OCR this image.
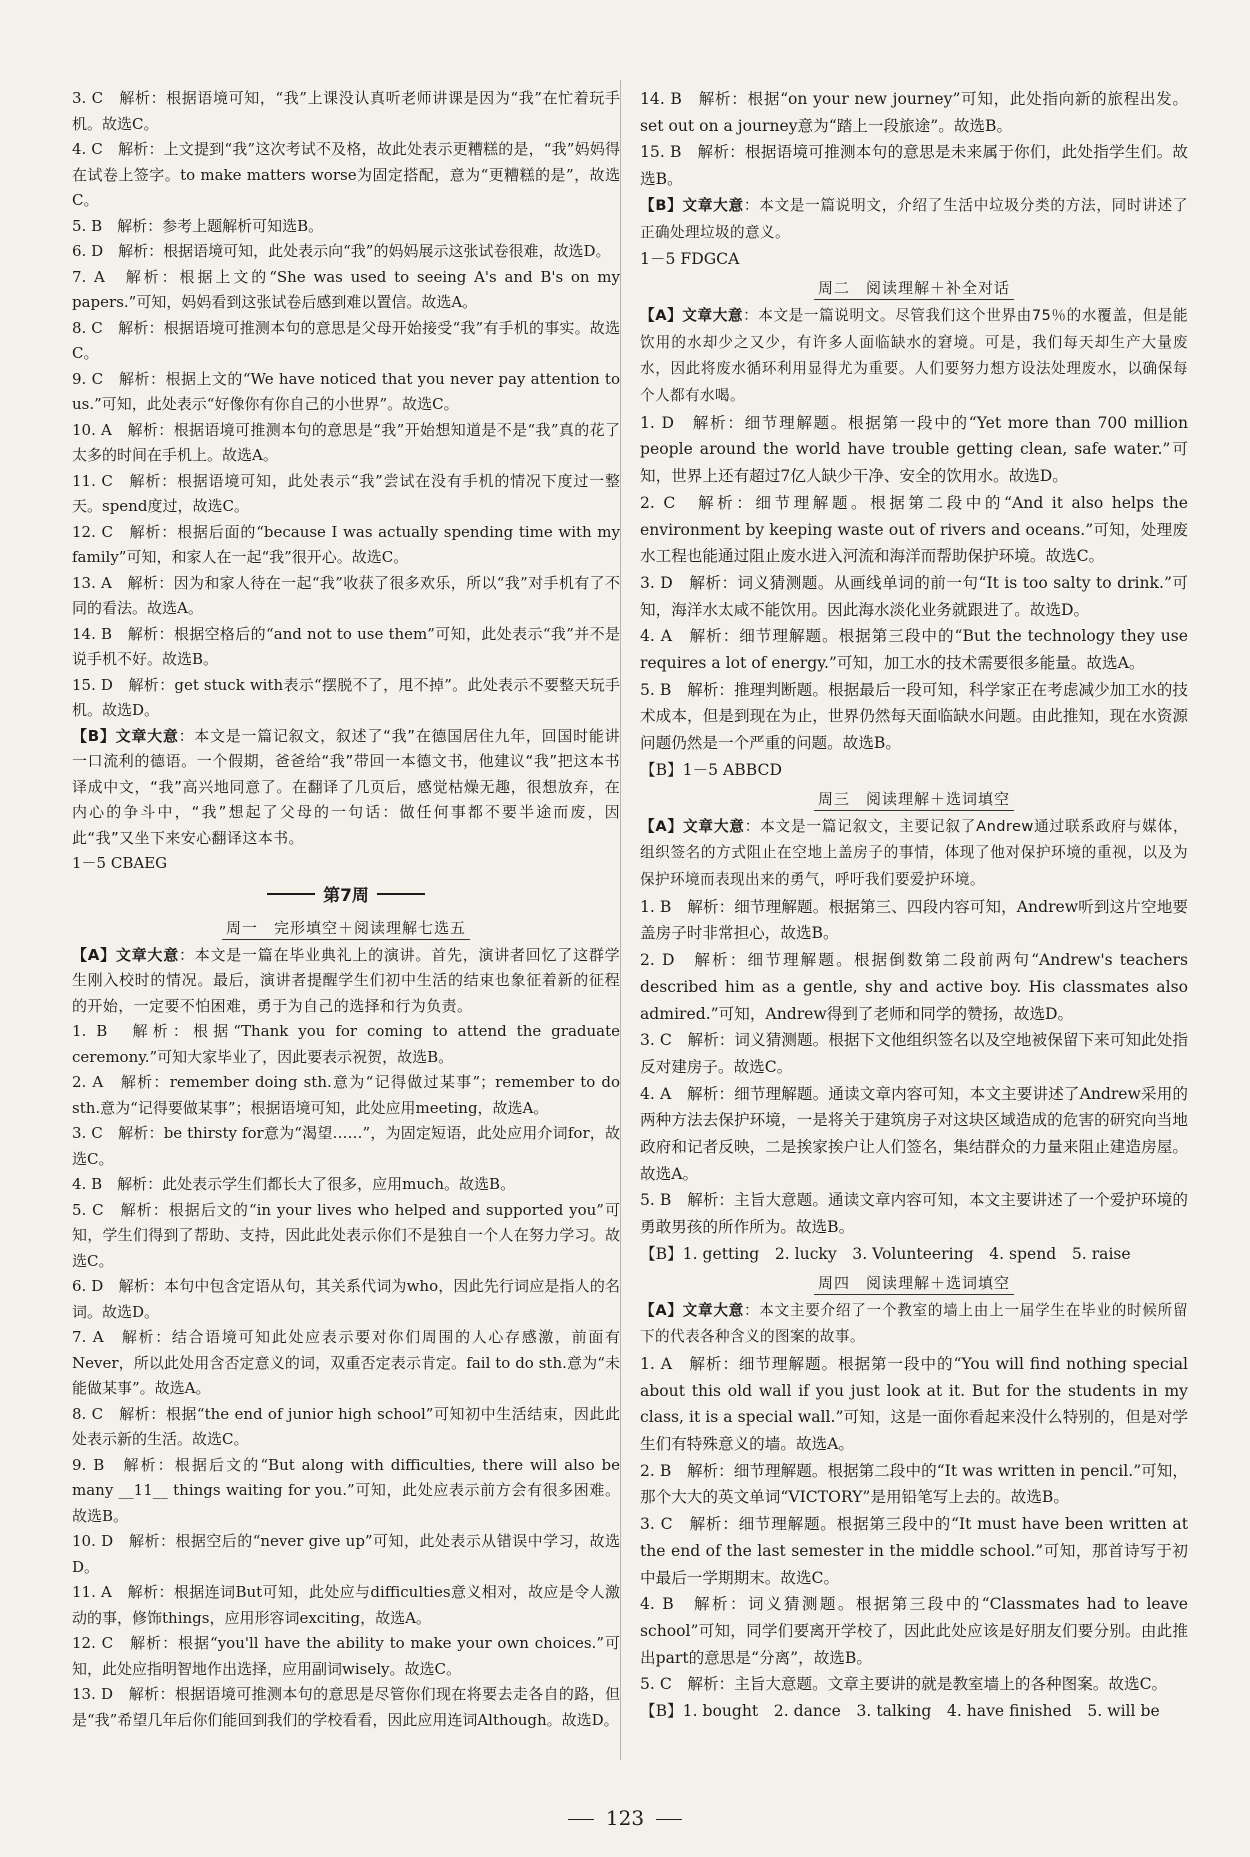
3. C　解析：根据语境可知，“我”上课没认真听老师讲课是因为“我”在忙着玩手机。故选C。

4. C　解析：上文提到“我”这次考试不及格，故此处表示更糟糕的是，“我”妈妈得在试卷上签字。to make matters worse为固定搭配，意为“更糟糕的是”，故选C。

5. B　解析：参考上题解析可知选B。

6. D　解析：根据语境可知，此处表示向“我”的妈妈展示这张试卷很难，故选D。

7. A　解析：根据上文的“She was used to seeing A's and B's on my papers.”可知，妈妈看到这张试卷后感到难以置信。故选A。

8. C　解析：根据语境可推测本句的意思是父母开始接受“我”有手机的事实。故选C。

9. C　解析：根据上文的“We have noticed that you never pay attention to us.”可知，此处表示“好像你有你自己的小世界”。故选C。

10. A　解析：根据语境可推测本句的意思是“我”开始想知道是不是“我”真的花了太多的时间在手机上。故选A。

11. C　解析：根据语境可知，此处表示“我”尝试在没有手机的情况下度过一整天。spend度过，故选C。

12. C　解析：根据后面的“because I was actually spending time with my family”可知，和家人在一起“我”很开心。故选C。

13. A　解析：因为和家人待在一起“我”收获了很多欢乐，所以“我”对手机有了不同的看法。故选A。

14. B　解析：根据空格后的“and not to use them”可知，此处表示“我”并不是说手机不好。故选B。

15. D　解析：get stuck with表示“摆脱不了，甩不掉”。此处表示不要整天玩手机。故选D。

【B】文章大意：本文是一篇记叙文，叙述了“我”在德国居住九年，回国时能讲一口流利的德语。一个假期，爸爸给“我”带回一本德文书，他建议“我”把这本书译成中文，“我”高兴地同意了。在翻译了几页后，感觉枯燥无趣，很想放弃，在内心的争斗中，“我”想起了父母的一句话：做任何事都不要半途而废，因此“我”又坐下来安心翻译这本书。

1－5 CBAEG

第7周
周一　完形填空＋阅读理解七选五

【A】文章大意：本文是一篇在毕业典礼上的演讲。首先，演讲者回忆了这群学生刚入校时的情况。最后，演讲者提醒学生们初中生活的结束也象征着新的征程的开始，一定要不怕困难，勇于为自己的选择和行为负责。

1. B　解析：根据“Thank you for coming to attend the graduate ceremony.”可知大家毕业了，因此要表示祝贺，故选B。

2. A　解析：remember doing sth.意为“记得做过某事”；remember to do sth.意为“记得要做某事”；根据语境可知，此处应用meeting，故选A。

3. C　解析：be thirsty for意为“渴望……”，为固定短语，此处应用介词for，故选C。

4. B　解析：此处表示学生们都长大了很多，应用much。故选B。

5. C　解析：根据后文的“in your lives who helped and supported you”可知，学生们得到了帮助、支持，因此此处表示你们不是独自一个人在努力学习。故选C。

6. D　解析：本句中包含定语从句，其关系代词为who，因此先行词应是指人的名词。故选D。

7. A　解析：结合语境可知此处应表示要对你们周围的人心存感激，前面有Never，所以此处用含否定意义的词，双重否定表示肯定。fail to do sth.意为“未能做某事”。故选A。

8. C　解析：根据“the end of junior high school”可知初中生活结束，因此此处表示新的生活。故选C。

9. B　解析：根据后文的“But along with difficulties, there will also be many __11__ things waiting for you.”可知，此处应表示前方会有很多困难。故选B。

10. D　解析：根据空后的“never give up”可知，此处表示从错误中学习，故选D。

11. A　解析：根据连词But可知，此处应与difficulties意义相对，故应是令人激动的事，修饰things，应用形容词exciting，故选A。

12. C　解析：根据“you'll have the ability to make your own choices.”可知，此处应指明智地作出选择，应用副词wisely。故选C。

13. D　解析：根据语境可推测本句的意思是尽管你们现在将要去走各自的路，但是“我”希望几年后你们能回到我们的学校看看，因此应用连词Although。故选D。

14. B　解析：根据“on your new journey”可知，此处指向新的旅程出发。set out on a journey意为“踏上一段旅途”。故选B。

15. B　解析：根据语境可推测本句的意思是未来属于你们，此处指学生们。故选B。

【B】文章大意：本文是一篇说明文，介绍了生活中垃圾分类的方法，同时讲述了正确处理垃圾的意义。

1－5 FDGCA

周二　阅读理解＋补全对话

【A】文章大意：本文是一篇说明文。尽管我们这个世界由75％的水覆盖，但是能饮用的水却少之又少，有许多人面临缺水的窘境。可是，我们每天却生产大量废水，因此将废水循环利用显得尤为重要。人们要努力想方设法处理废水，以确保每个人都有水喝。

1. D　解析：细节理解题。根据第一段中的“Yet more than 700 million people around the world have trouble getting clean, safe water.”可知，世界上还有超过7亿人缺少干净、安全的饮用水。故选D。

2. C　解析：细节理解题。根据第二段中的“And it also helps the environment by keeping waste out of rivers and oceans.”可知，处理废水工程也能通过阻止废水进入河流和海洋而帮助保护环境。故选C。

3. D　解析：词义猜测题。从画线单词的前一句“It is too salty to drink.”可知，海洋水太咸不能饮用。因此海水淡化业务就跟进了。故选D。

4. A　解析：细节理解题。根据第三段中的“But the technology they use requires a lot of energy.”可知，加工水的技术需要很多能量。故选A。

5. B　解析：推理判断题。根据最后一段可知，科学家正在考虑减少加工水的技术成本，但是到现在为止，世界仍然每天面临缺水问题。由此推知，现在水资源问题仍然是一个严重的问题。故选B。

【B】1－5 ABBCD

周三　阅读理解＋选词填空

【A】文章大意：本文是一篇记叙文，主要记叙了Andrew通过联系政府与媒体，组织签名的方式阻止在空地上盖房子的事情，体现了他对保护环境的重视，以及为保护环境而表现出来的勇气，呼吁我们要爱护环境。

1. B　解析：细节理解题。根据第三、四段内容可知，Andrew听到这片空地要盖房子时非常担心，故选B。

2. D　解析：细节理解题。根据倒数第二段前两句“Andrew's teachers described him as a gentle, shy and active boy. His classmates also admired.”可知，Andrew得到了老师和同学的赞扬，故选D。

3. C　解析：词义猜测题。根据下文他组织签名以及空地被保留下来可知此处指反对建房子。故选C。

4. A　解析：细节理解题。通读文章内容可知，本文主要讲述了Andrew采用的两种方法去保护环境，一是将关于建筑房子对这块区域造成的危害的研究向当地政府和记者反映，二是挨家挨户让人们签名，集结群众的力量来阻止建造房屋。故选A。

5. B　解析：主旨大意题。通读文章内容可知，本文主要讲述了一个爱护环境的勇敢男孩的所作所为。故选B。

【B】1. getting　2. lucky　3. Volunteering　4. spend　5. raise

周四　阅读理解＋选词填空

【A】文章大意：本文主要介绍了一个教室的墙上由上一届学生在毕业的时候所留下的代表各种含义的图案的故事。

1. A　解析：细节理解题。根据第一段中的“You will find nothing special about this old wall if you just look at it. But for the students in my class, it is a special wall.”可知，这是一面你看起来没什么特别的，但是对学生们有特殊意义的墙。故选A。

2. B　解析：细节理解题。根据第二段中的“It was written in pencil.”可知，那个大大的英文单词“VICTORY”是用铅笔写上去的。故选B。

3. C　解析：细节理解题。根据第三段中的“It must have been written at the end of the last semester in the middle school.”可知，那首诗写于初中最后一学期期末。故选C。

4. B　解析：词义猜测题。根据第三段中的“Classmates had to leave school”可知，同学们要离开学校了，因此此处应该是好朋友们要分别。由此推出part的意思是“分离”，故选B。

5. C　解析：主旨大意题。文章主要讲的就是教室墙上的各种图案。故选C。

【B】1. bought　2. dance　3. talking　4. have finished　5. will be

123
